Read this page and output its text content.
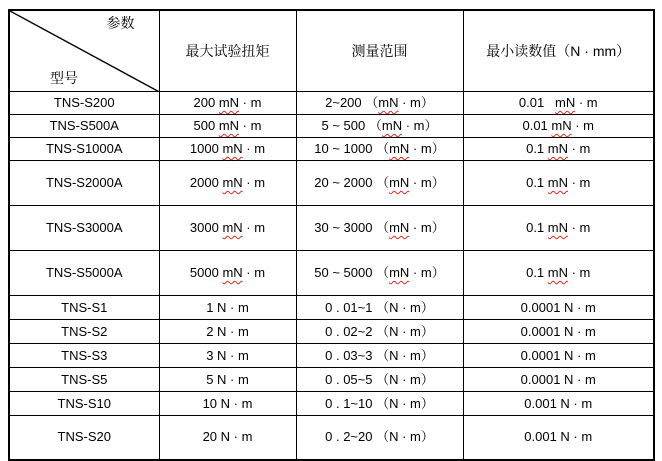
参数

型号	最大试验扭矩	测量范围	最小读数值（N · mm）
TNS-S200	200 mN · m	2~200 （mN · m）	0.01   mN · m
TNS-S500A	500 mN · m	5 ~ 500 （mN · m）	0.01 mN · m
TNS-S1000A	1000 mN · m	10 ~ 1000 （mN · m）	0.1 mN · m
TNS-S2000A	2000 mN · m	20 ~ 2000 （mN · m）	0.1 mN · m
TNS-S3000A	3000 mN · m	30 ~ 3000 （mN · m）	0.1 mN · m
TNS-S5000A	5000 mN · m	50 ~ 5000 （mN · m）	0.1 mN · m
TNS-S1	1 N · m	0 . 01~1 （N · m）	0.0001 N · m
TNS-S2	2 N · m	0 . 02~2 （N · m）	0.0001 N · m
TNS-S3	3 N · m	0 . 03~3 （N · m）	0.0001 N · m
TNS-S5	5 N · m	0 . 05~5 （N · m）	0.0001 N · m
TNS-S10	10 N · m	0 . 1~10 （N · m）	0.001 N · m
TNS-S20	20 N · m	0 . 2~20 （N · m）	0.001 N · m
